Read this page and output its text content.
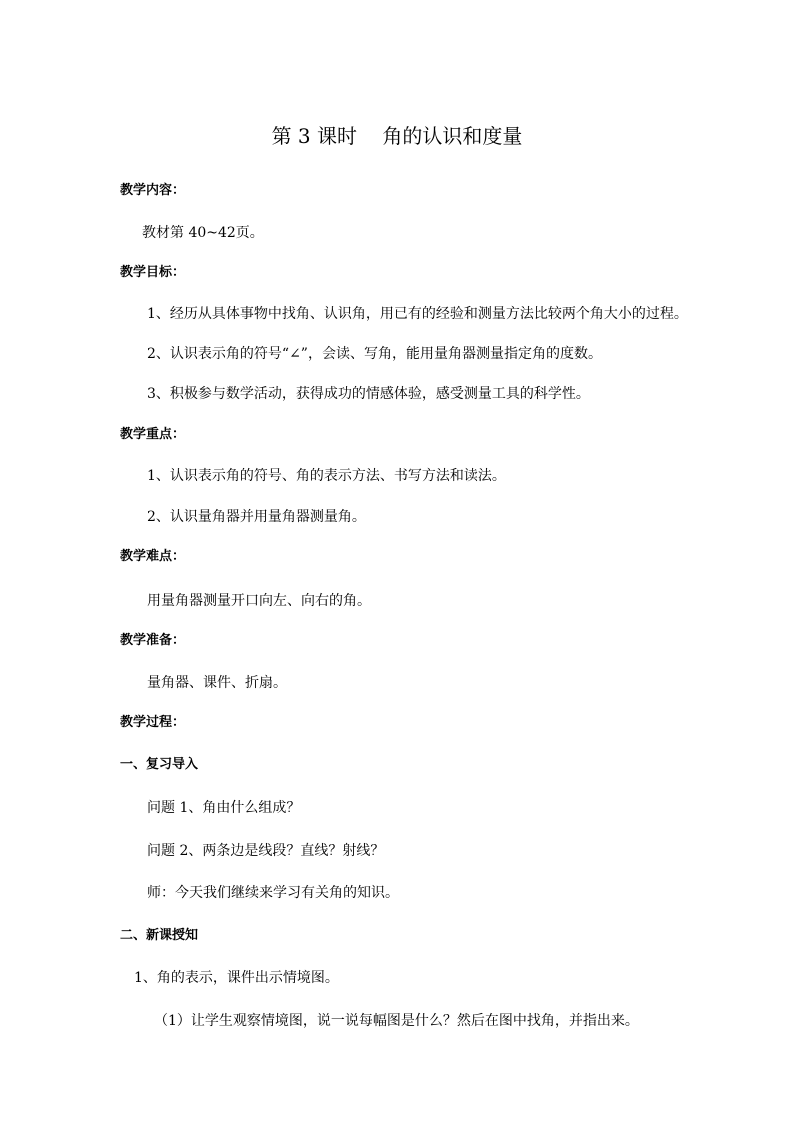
第 3 课时    角的认识和度量
教学内容：
教材第 40~42页。
教学目标：
1、经历从具体事物中找角、认识角，用已有的经验和测量方法比较两个角大小的过程。
2、认识表示角的符号“∠”，会读、写角，能用量角器测量指定角的度数。
3、积极参与数学活动，获得成功的情感体验，感受测量工具的科学性。
教学重点：
1、认识表示角的符号、角的表示方法、书写方法和读法。
2、认识量角器并用量角器测量角。
教学难点：
用量角器测量开口向左、向右的角。
教学准备：
量角器、课件、折扇。
教学过程：
一、复习导入
问题 1、角由什么组成？
问题 2、两条边是线段？直线？射线？
师：今天我们继续来学习有关角的知识。
二、新课授知
1、角的表示，课件出示情境图。
（1）让学生观察情境图，说一说每幅图是什么？然后在图中找角，并指出来。
